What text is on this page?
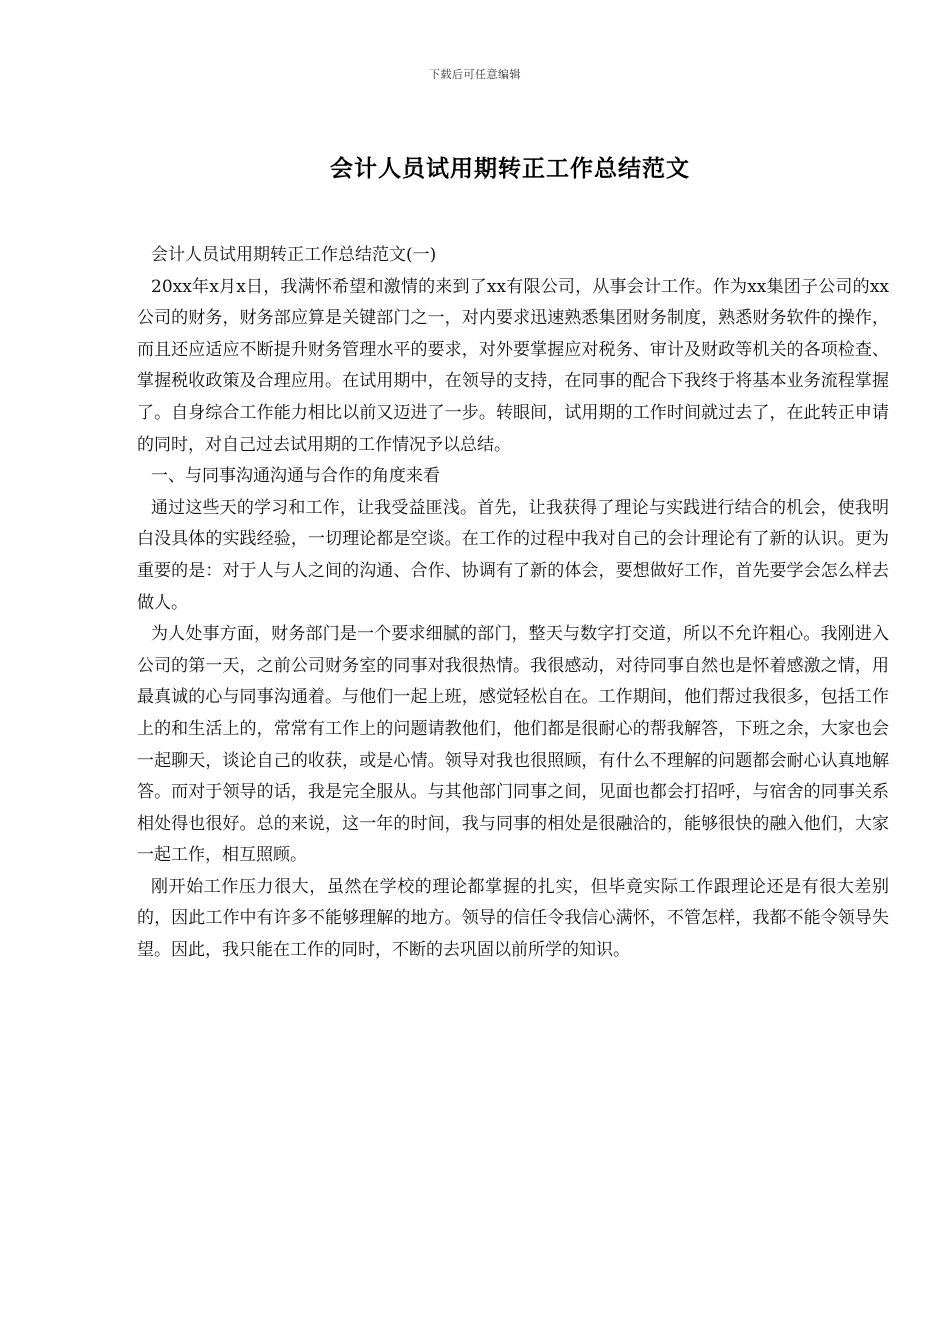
下载后可任意编辑
会计人员试用期转正工作总结范文

会计人员试用期转正工作总结范文(一)

20xx年x月x日，我满怀希望和激情的来到了xx有限公司，从事会计工作。作为xx集团子公司的xx公司的财务，财务部应算是关键部门之一，对内要求迅速熟悉集团财务制度，熟悉财务软件的操作，而且还应适应不断提升财务管理水平的要求，对外要掌握应对税务、审计及财政等机关的各项检查、掌握税收政策及合理应用。在试用期中，在领导的支持，在同事的配合下我终于将基本业务流程掌握了。自身综合工作能力相比以前又迈进了一步。转眼间，试用期的工作时间就过去了，在此转正申请的同时，对自己过去试用期的工作情况予以总结。

一、与同事沟通沟通与合作的角度来看

通过这些天的学习和工作，让我受益匪浅。首先，让我获得了理论与实践进行结合的机会，使我明白没具体的实践经验，一切理论都是空谈。在工作的过程中我对自己的会计理论有了新的认识。更为重要的是：对于人与人之间的沟通、合作、协调有了新的体会，要想做好工作，首先要学会怎么样去做人。

为人处事方面，财务部门是一个要求细腻的部门，整天与数字打交道，所以不允许粗心。我刚进入公司的第一天，之前公司财务室的同事对我很热情。我很感动，对待同事自然也是怀着感激之情，用最真诚的心与同事沟通着。与他们一起上班，感觉轻松自在。工作期间，他们帮过我很多，包括工作上的和生活上的，常常有工作上的问题请教他们，他们都是很耐心的帮我解答，下班之余，大家也会一起聊天，谈论自己的收获，或是心情。领导对我也很照顾，有什么不理解的问题都会耐心认真地解答。而对于领导的话，我是完全服从。与其他部门同事之间，见面也都会打招呼，与宿舍的同事关系相处得也很好。总的来说，这一年的时间，我与同事的相处是很融洽的，能够很快的融入他们，大家一起工作，相互照顾。

刚开始工作压力很大，虽然在学校的理论都掌握的扎实，但毕竟实际工作跟理论还是有很大差别的，因此工作中有许多不能够理解的地方。领导的信任令我信心满怀，不管怎样，我都不能令领导失望。因此，我只能在工作的同时，不断的去巩固以前所学的知识。
